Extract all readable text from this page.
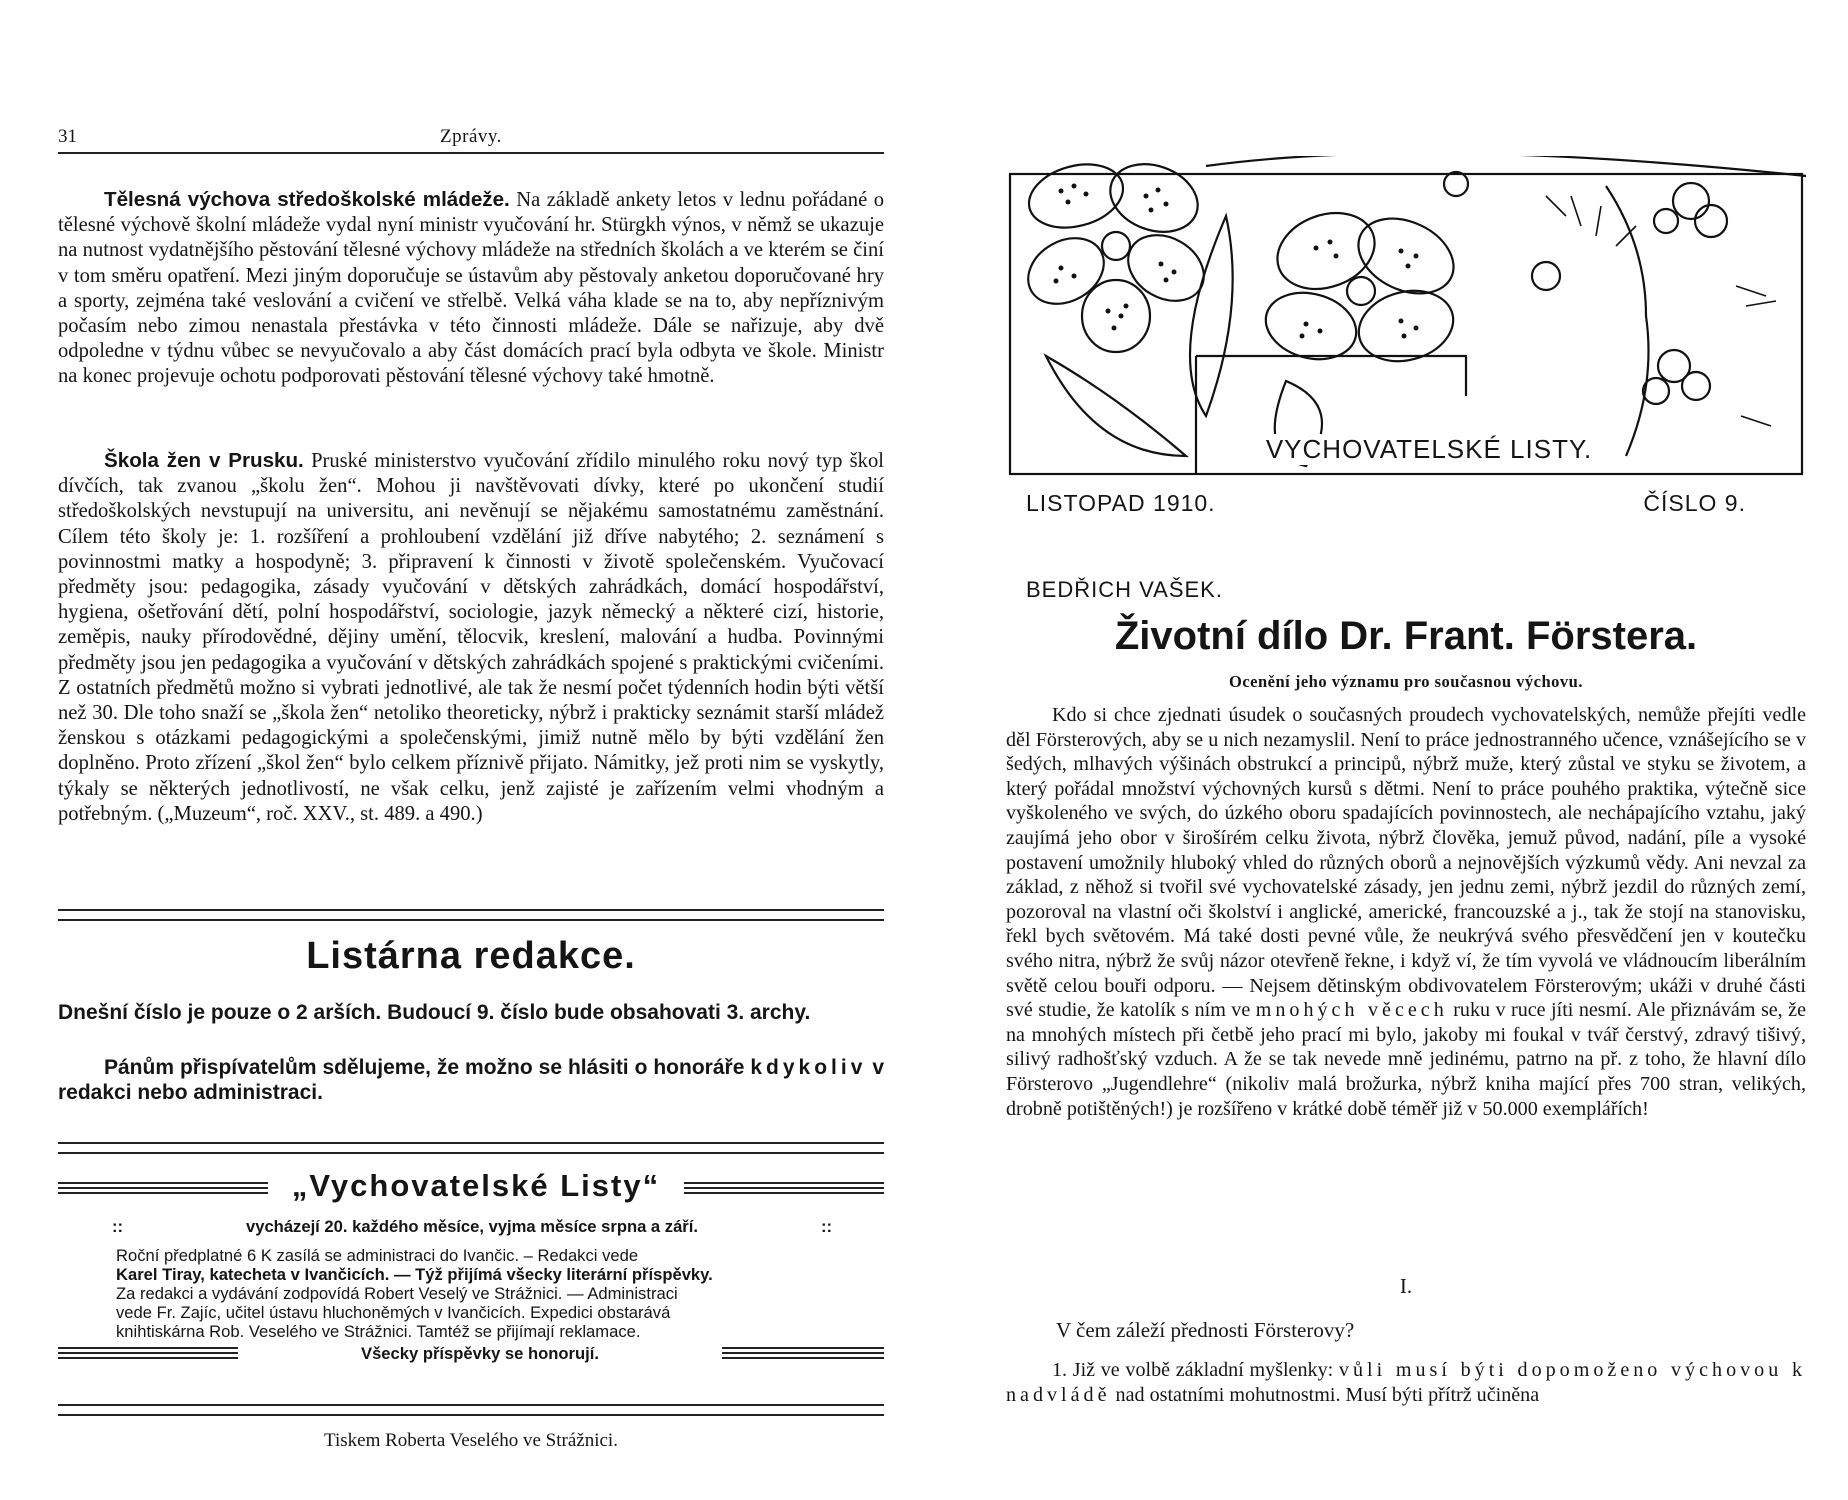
31	Zprávy.

Tělesná výchova středoškolské mládeže. Na základě ankety letos v lednu pořádané o tělesné výchově školní mládeže vydal nyní ministr vyučování hr. Stürgkh výnos, v němž se ukazuje na nutnost vydatnějšího pěstování tělesné výchovy mládeže na středních školách a ve kterém se činí v tom směru opatření. Mezi jiným doporučuje se ústavům aby pěstovaly anketou doporučované hry a sporty, zejména také veslování a cvičení ve střelbě. Velká váha klade se na to, aby nepříznivým počasím nebo zimou nenastala přestávka v této činnosti mládeže. Dále se nařizuje, aby dvě odpoledne v týdnu vůbec se nevyučovalo a aby část domácích prací byla odbyta ve škole. Ministr na konec projevuje ochotu podporovati pěstování tělesné výchovy také hmotně.

Škola žen v Prusku. Pruské ministerstvo vyučování zřídilo minulého roku nový typ škol dívčích, tak zvanou „školu žen“. Mohou ji navštěvovati dívky, které po ukončení studií středoškolských nevstupují na universitu, ani nevěnují se nějakému samostatnému zaměstnání. Cílem této školy je: 1. rozšíření a prohloubení vzdělání již dříve nabytého; 2. seznámení s povinnostmi matky a hospodyně; 3. připravení k činnosti v životě společenském. Vyučovací předměty jsou: pedagogika, zásady vyučování v dětských zahrádkách, domácí hospodářství, hygiena, ošetřování dětí, polní hospodářství, sociologie, jazyk německý a některé cizí, historie, zeměpis, nauky přírodovědné, dějiny umění, tělocvik, kreslení, malování a hudba. Povinnými předměty jsou jen pedagogika a vyučování v dětských zahrádkách spojené s praktickými cvičeními. Z ostatních předmětů možno si vybrati jednotlivé, ale tak že nesmí počet týdenních hodin býti větší než 30. Dle toho snaží se „škola žen“ netoliko theoreticky, nýbrž i prakticky seznámit starší mládež ženskou s otázkami pedagogickými a společenskými, jimiž nutně mělo by býti vzdělání žen doplněno. Proto zřízení „škol žen“ bylo celkem příznivě přijato. Námitky, jež proti nim se vyskytly, týkaly se některých jednotlivostí, ne však celku, jenž zajisté je zařízením velmi vhodným a potřebným. („Muzeum“, roč. XXV., st. 489. a 490.)

Listárna redakce.

Dnešní číslo je pouze o 2 arších. Budoucí 9. číslo bude obsahovati 3. archy.

Pánům přispívatelům sdělujeme, že možno se hlásiti o honoráře kdykoliv v redakci nebo administraci.

„Vychovatelské Listy“
::	vycházejí 20. každého měsíce, vyjma měsíce srpna a září.	::
Roční předplatné 6 K zasílá se administraci do Ivančic. – Redakci vede
Karel Tiray, katecheta v Ivančicích. — Týž přijímá všecky literární příspěvky.
Za redakci a vydávání zodpovídá Robert Veselý ve Strážnici. — Administraci
vede Fr. Zajíc, učitel ústavu hluchoněmých v Ivančicích. Expedici obstarává
knihtiskárna Rob. Veselého ve Strážnici. Tamtéž se přijímají reklamace.
Všecky příspěvky se honorují.
Tiskem Roberta Veselého ve Strážnici.
VYCHOVATELSKÉ LISTY.
LISTOPAD 1910.	ČÍSLO 9.
BEDŘICH VAŠEK.
Životní dílo Dr. Frant. Förstera.
Ocenění jeho významu pro současnou výchovu.

Kdo si chce zjednati úsudek o současných proudech vychovatelských, nemůže přejíti vedle děl Försterových, aby se u nich nezamyslil. Není to práce jednostranného učence, vznášejícího se v šedých, mlhavých výšinách obstrukcí a principů, nýbrž muže, který zůstal ve styku se životem, a který pořádal množství výchovných kursů s dětmi. Není to práce pouhého praktika, výtečně sice vyškoleného ve svých, do úzkého oboru spadajících povinnostech, ale nechápajícího vztahu, jaký zaujímá jeho obor v širošírém celku života, nýbrž člověka, jemuž původ, nadání, píle a vysoké postavení umožnily hluboký vhled do různých oborů a nejnovějších výzkumů vědy. Ani nevzal za základ, z něhož si tvořil své vychovatelské zásady, jen jednu zemi, nýbrž jezdil do různých zemí, pozoroval na vlastní oči školství i anglické, americké, francouzské a j., tak že stojí na stanovisku, řekl bych světovém. Má také dosti pevné vůle, že neukrývá svého přesvědčení jen v koutečku svého nitra, nýbrž že svůj názor otevřeně řekne, i když ví, že tím vyvolá ve vládnoucím liberálním světě celou bouři odporu. — Nejsem dětinským obdivovatelem Försterovým; ukáži v druhé části své studie, že katolík s ním ve mnohých věcech ruku v ruce jíti nesmí. Ale přiznávám se, že na mnohých místech při četbě jeho prací mi bylo, jakoby mi foukal v tvář čerstvý, zdravý tišivý, silivý radhošťský vzduch. A že se tak nevede mně jedinému, patrno na př. z toho, že hlavní dílo Försterovo „Jugendlehre“ (nikoliv malá brožurka, nýbrž kniha mající přes 700 stran, velikých, drobně potištěných!) je rozšířeno v krátké době téměř již v 50.000 exemplářích!

I.
V čem záleží přednosti Försterovy?

1. Již ve volbě základní myšlenky: vůli musí býti dopomoženo výchovou k nadvládě nad ostatními mohutnostmi. Musí býti přítrž učiněna
